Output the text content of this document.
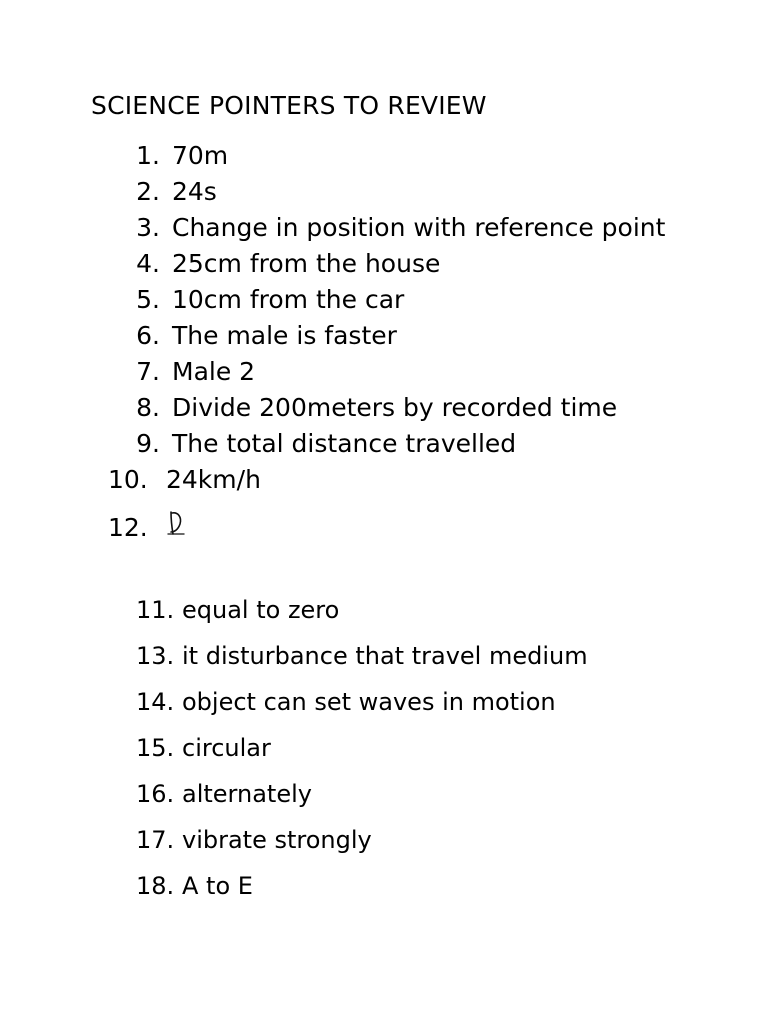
SCIENCE POINTERS TO REVIEW
1. 70m
2. 24s
3. Change in position with reference point
4. 25cm from the house
5. 10cm from the car
6. The male is faster
7. Male 2
8. Divide 200meters by recorded time
9. The total distance travelled
10. 24km/h
12.
11. equal to zero
13. it disturbance that travel medium
14. object can set waves in motion
15. circular
16. alternately
17. vibrate strongly
18. A to E
